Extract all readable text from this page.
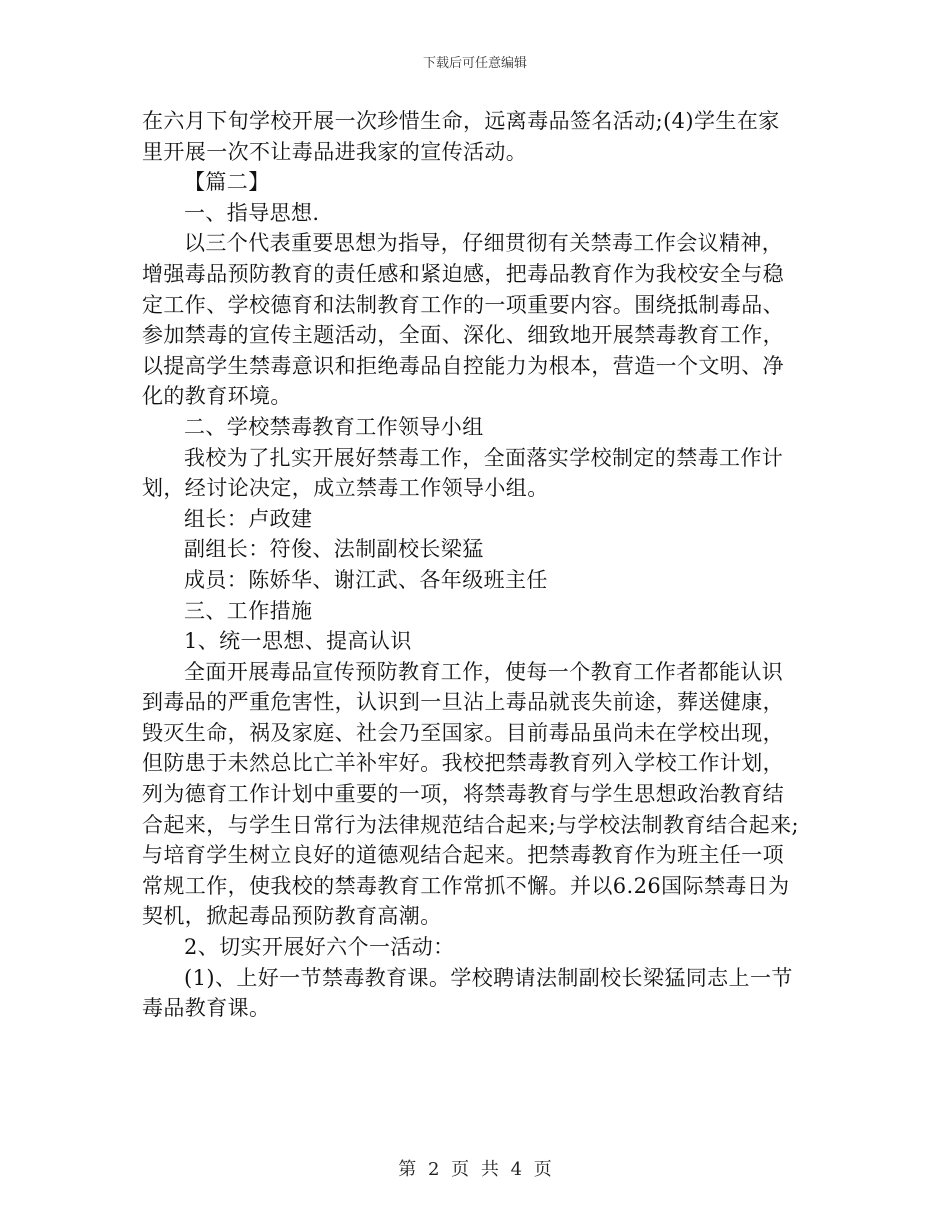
下载后可任意编辑

在六月下旬学校开展一次珍惜生命，远离毒品签名活动;(4)学生在家

里开展一次不让毒品进我家的宣传活动。

【篇二】

一、指导思想.

以三个代表重要思想为指导，仔细贯彻有关禁毒工作会议精神，

增强毒品预防教育的责任感和紧迫感，把毒品教育作为我校安全与稳

定工作、学校德育和法制教育工作的一项重要内容。围绕抵制毒品、

参加禁毒的宣传主题活动，全面、深化、细致地开展禁毒教育工作，

以提高学生禁毒意识和拒绝毒品自控能力为根本，营造一个文明、净

化的教育环境。

二、学校禁毒教育工作领导小组

我校为了扎实开展好禁毒工作，全面落实学校制定的禁毒工作计

划，经讨论决定，成立禁毒工作领导小组。

组长：卢政建

副组长：符俊、法制副校长梁猛

成员：陈娇华、谢江武、各年级班主任

三、工作措施

1、统一思想、提高认识

全面开展毒品宣传预防教育工作，使每一个教育工作者都能认识

到毒品的严重危害性，认识到一旦沾上毒品就丧失前途，葬送健康，

毁灭生命，祸及家庭、社会乃至国家。目前毒品虽尚未在学校出现，

但防患于未然总比亡羊补牢好。我校把禁毒教育列入学校工作计划，

列为德育工作计划中重要的一项，将禁毒教育与学生思想政治教育结

合起来，与学生日常行为法律规范结合起来;与学校法制教育结合起来;

与培育学生树立良好的道德观结合起来。把禁毒教育作为班主任一项

常规工作，使我校的禁毒教育工作常抓不懈。并以6.26国际禁毒日为

契机，掀起毒品预防教育高潮。

2、切实开展好六个一活动：

(1)、上好一节禁毒教育课。学校聘请法制副校长梁猛同志上一节

毒品教育课。

第 2 页 共 4 页
